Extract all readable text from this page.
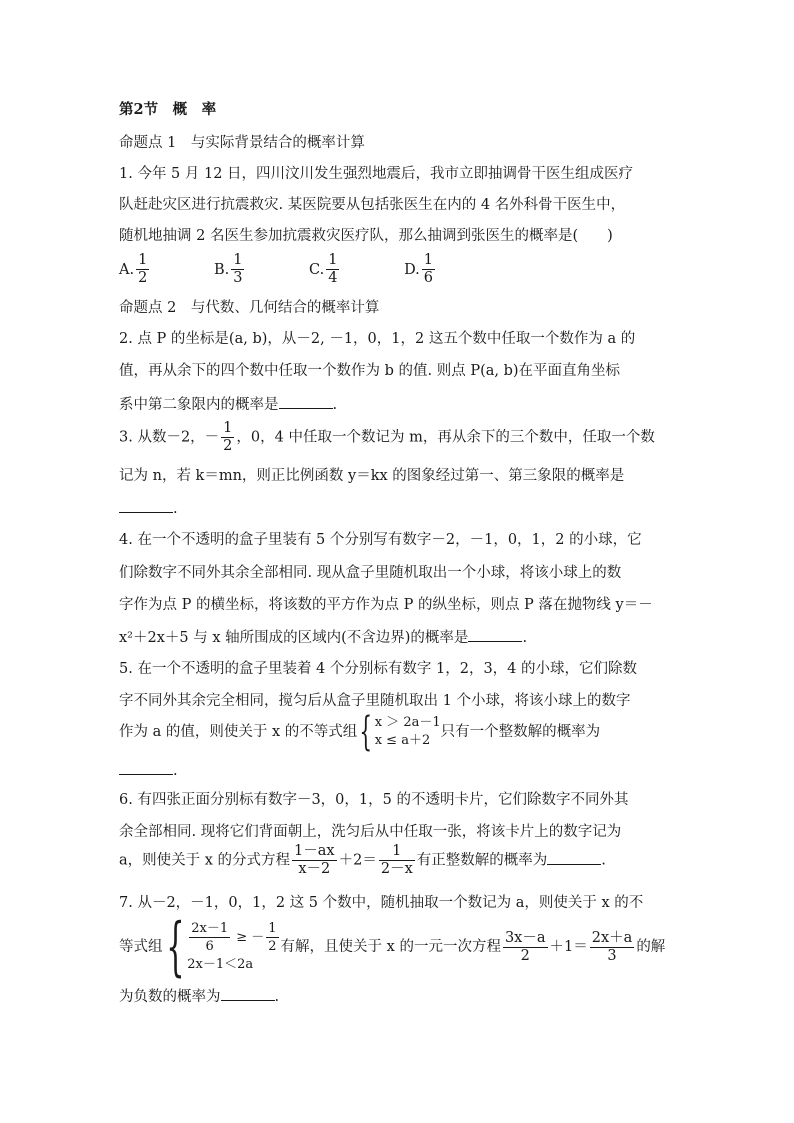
第2节　概　率
命题点 1　与实际背景结合的概率计算
1. 今年 5 月 12 日，四川汶川发生强烈地震后，我市立即抽调骨干医生组成医疗
队赶赴灾区进行抗震救灾. 某医院要从包括张医生在内的 4 名外科骨干医生中，
随机地抽调 2 名医生参加抗震救灾医疗队，那么抽调到张医生的概率是(　　)
A. $\frac{1}{2}$	B. $\frac{1}{3}$	C. $\frac{1}{4}$	D. $\frac{1}{6}$
命题点 2　与代数、几何结合的概率计算
2. 点 P 的坐标是(a, b)，从－2, －1，0，1，2 这五个数中任取一个数作为 a 的
值，再从余下的四个数中任取一个数作为 b 的值. 则点 P(a, b)在平面直角坐标
系中第二象限内的概率是	.
3. 从数－2，－ $\frac{1}{2}$ ，0，4 中任取一个数记为 m，再从余下的三个数中，任取一个数
记为 n，若 k＝mn，则正比例函数 y＝kx 的图象经过第一、第三象限的概率是
.
4. 在一个不透明的盒子里装有 5 个分别写有数字－2，－1，0，1，2 的小球，它
们除数字不同外其余全部相同. 现从盒子里随机取出一个小球，将该小球上的数
字作为点 P 的横坐标，将该数的平方作为点 P 的纵坐标，则点 P 落在抛物线 y＝－
x²＋2x＋5 与 x 轴所围成的区域内(不含边界)的概率是	.
5. 在一个不透明的盒子里装着 4 个分别标有数字 1，2，3，4 的小球，它们除数
字不同外其余完全相同，搅匀后从盒子里随机取出 1 个小球，将该小球上的数字
作为 a 的值，则使关于 x 的不等式组{ x ＞ 2a－1
x ≤ a＋2
只有一个整数解的概率为
.
6. 有四张正面分别标有数字－3，0，1，5 的不透明卡片，它们除数字不同外其
余全部相同. 现将它们背面朝上，洗匀后从中任取一张，将该卡片上的数字记为
a，则使关于 x 的分式方程 $\frac{1-ax}{x-2} +2= \frac{1}{2-x}$ 有正整数解的概率为	.
7. 从－2，－1，0，1，2 这 5 个数中，随机抽取一个数记为 a，则使关于 x 的不
等式组{ $\frac{2x-1}{6}$ ≥ － $\frac{1}{2}$
2x－1＜2a
有解，且使关于 x 的一元一次方程 $\frac{3x-a}{2} +1= \frac{2x+a}{3}$ 的解
为负数的概率为	.
